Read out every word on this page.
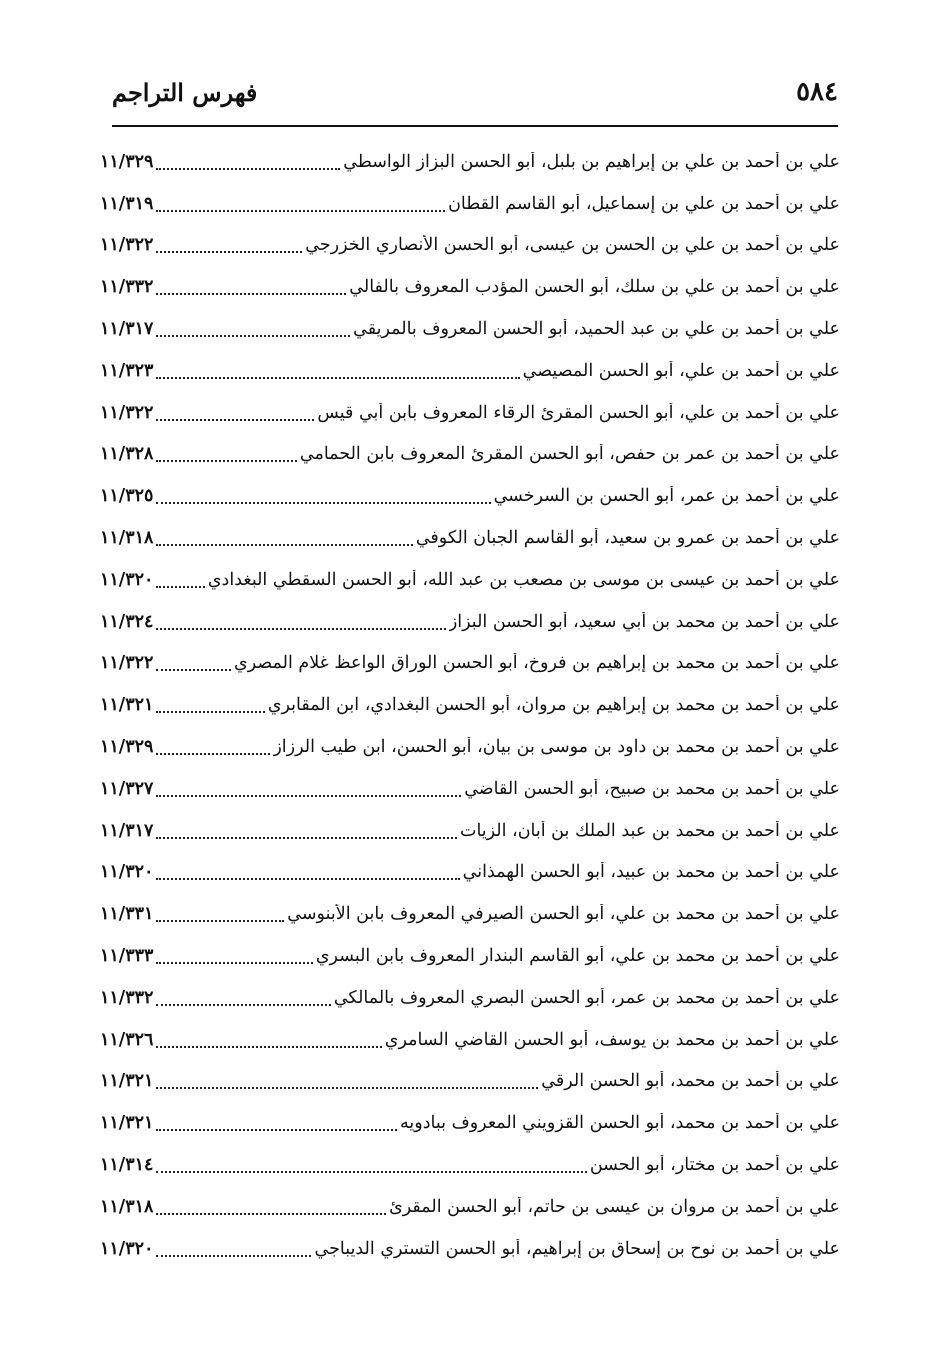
فهرس التراجم	٥٨٤
علي بن أحمد بن علي بن إبراهيم بن بلبل، أبو الحسن البزاز الواسطي
١١/٣٢٩
علي بن أحمد بن علي بن إسماعيل، أبو القاسم القطان
١١/٣١٩
علي بن أحمد بن علي بن الحسن بن عيسى، أبو الحسن الأنصاري الخزرجي
١١/٣٢٢
علي بن أحمد بن علي بن سلك، أبو الحسن المؤدب المعروف بالفالي
١١/٣٣٢
علي بن أحمد بن علي بن عبد الحميد، أبو الحسن المعروف بالمريقي
١١/٣١٧
علي بن أحمد بن علي، أبو الحسن المصيصي
١١/٣٢٣
علي بن أحمد بن علي، أبو الحسن المقرئ الرقاء المعروف بابن أبي قيس
١١/٣٢٢
علي بن أحمد بن عمر بن حفص، أبو الحسن المقرئ المعروف بابن الحمامي
١١/٣٢٨
علي بن أحمد بن عمر، أبو الحسن بن السرخسي
١١/٣٢٥
علي بن أحمد بن عمرو بن سعيد، أبو القاسم الجبان الكوفي
١١/٣١٨
علي بن أحمد بن عيسى بن موسى بن مصعب بن عبد الله، أبو الحسن السقطي البغدادي
١١/٣٢٠
علي بن أحمد بن محمد بن أبي سعيد، أبو الحسن البزاز
١١/٣٢٤
علي بن أحمد بن محمد بن إبراهيم بن فروخ، أبو الحسن الوراق الواعظ غلام المصري
١١/٣٢٢
علي بن أحمد بن محمد بن إبراهيم بن مروان، أبو الحسن البغدادي، ابن المقابري
١١/٣٢١
علي بن أحمد بن محمد بن داود بن موسى بن بيان، أبو الحسن، ابن طيب الرزاز
١١/٣٢٩
علي بن أحمد بن محمد بن صبيح، أبو الحسن القاضي
١١/٣٢٧
علي بن أحمد بن محمد بن عبد الملك بن أبان، الزيات
١١/٣١٧
علي بن أحمد بن محمد بن عبيد، أبو الحسن الهمذاني
١١/٣٢٠
علي بن أحمد بن محمد بن علي، أبو الحسن الصيرفي المعروف بابن الأبنوسي
١١/٣٣١
علي بن أحمد بن محمد بن علي، أبو القاسم البندار المعروف بابن البسري
١١/٣٣٣
علي بن أحمد بن محمد بن عمر، أبو الحسن البصري المعروف بالمالكي
١١/٣٣٢
علي بن أحمد بن محمد بن يوسف، أبو الحسن القاضي السامري
١١/٣٢٦
علي بن أحمد بن محمد، أبو الحسن الرقي
١١/٣٢١
علي بن أحمد بن محمد، أبو الحسن القزويني المعروف ببادويه
١١/٣٢١
علي بن أحمد بن مختار، أبو الحسن
١١/٣١٤
علي بن أحمد بن مروان بن عيسى بن حاتم، أبو الحسن المقرئ
١١/٣١٨
علي بن أحمد بن نوح بن إسحاق بن إبراهيم، أبو الحسن التستري الديباجي
١١/٣٢٠
